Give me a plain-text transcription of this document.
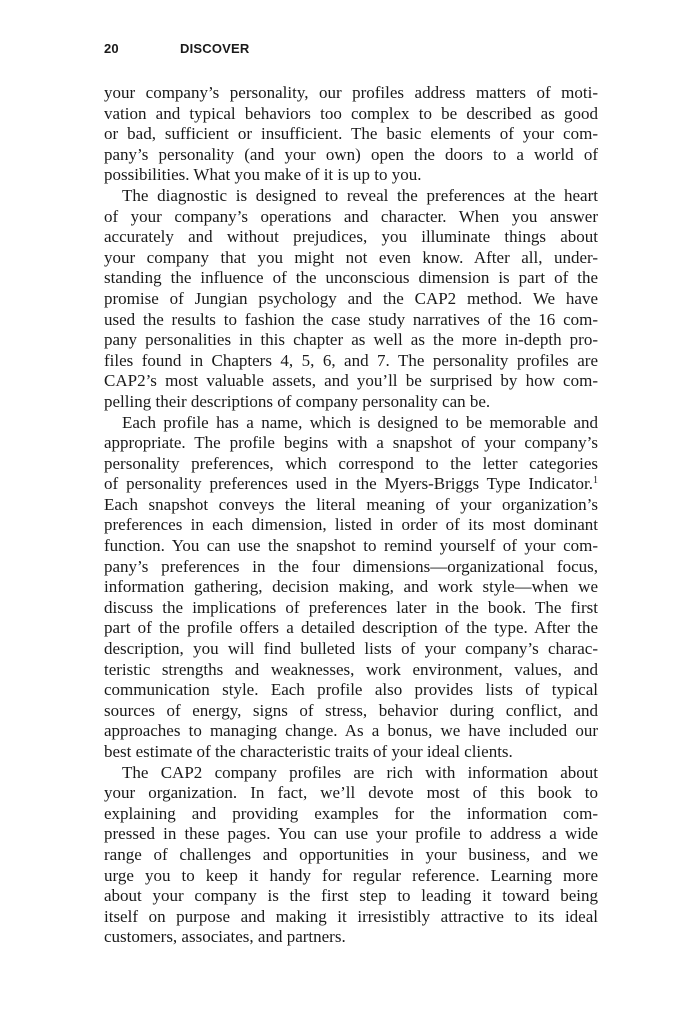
20	DISCOVER
your company’s personality, our profiles address matters of moti-
vation and typical behaviors too complex to be described as good
or bad, sufficient or insufficient. The basic elements of your com-
pany’s personality (and your own) open the doors to a world of
possibilities. What you make of it is up to you.
The diagnostic is designed to reveal the preferences at the heart
of your company’s operations and character. When you answer
accurately and without prejudices, you illuminate things about
your company that you might not even know. After all, under-
standing the influence of the unconscious dimension is part of the
promise of Jungian psychology and the CAP2 method. We have
used the results to fashion the case study narratives of the 16 com-
pany personalities in this chapter as well as the more in-depth pro-
files found in Chapters 4, 5, 6, and 7. The personality profiles are
CAP2’s most valuable assets, and you’ll be surprised by how com-
pelling their descriptions of company personality can be.
Each profile has a name, which is designed to be memorable and
appropriate. The profile begins with a snapshot of your company’s
personality preferences, which correspond to the letter categories
of personality preferences used in the Myers-Briggs Type Indicator.$^1$
Each snapshot conveys the literal meaning of your organization’s
preferences in each dimension, listed in order of its most dominant
function. You can use the snapshot to remind yourself of your com-
pany’s preferences in the four dimensions—organizational focus,
information gathering, decision making, and work style—when we
discuss the implications of preferences later in the book. The first
part of the profile offers a detailed description of the type. After the
description, you will find bulleted lists of your company’s charac-
teristic strengths and weaknesses, work environment, values, and
communication style. Each profile also provides lists of typical
sources of energy, signs of stress, behavior during conflict, and
approaches to managing change. As a bonus, we have included our
best estimate of the characteristic traits of your ideal clients.
The CAP2 company profiles are rich with information about
your organization. In fact, we’ll devote most of this book to
explaining and providing examples for the information com-
pressed in these pages. You can use your profile to address a wide
range of challenges and opportunities in your business, and we
urge you to keep it handy for regular reference. Learning more
about your company is the first step to leading it toward being
itself on purpose and making it irresistibly attractive to its ideal
customers, associates, and partners.
